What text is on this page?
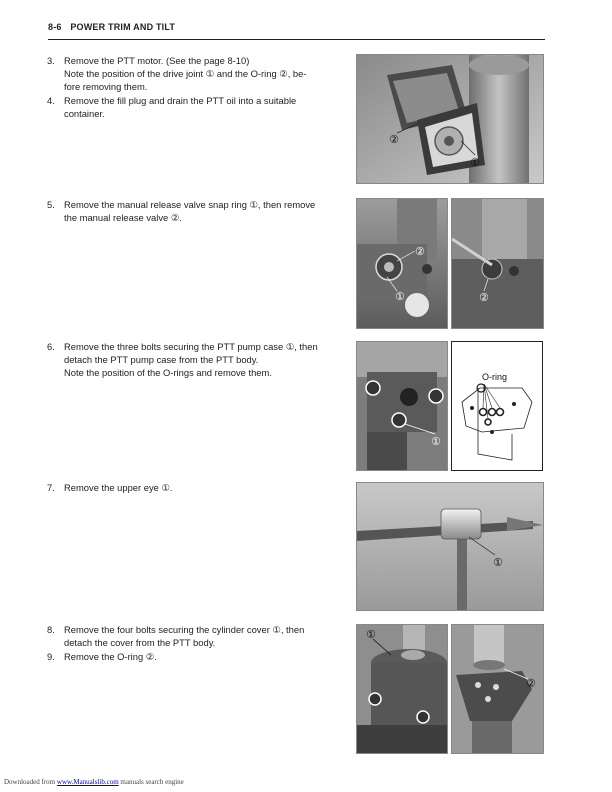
8-6 POWER TRIM AND TILT
3. Remove the PTT motor. (See the page 8-10)
Note the position of the drive joint ① and the O-ring ②, be-
fore removing them.
4. Remove the fill plug and drain the PTT oil into a suitable
container.
5. Remove the manual release valve snap ring ①, then remove
the manual release valve ②.
6. Remove the three bolts securing the PTT pump case ①, then
detach the PTT pump case from the PTT body.
Note the position of the O-rings and remove them.
7. Remove the upper eye ①.
8. Remove the four bolts securing the cylinder cover ①, then
detach the cover from the PTT body.
9. Remove the O-ring ②.
②
①
②
①	②
①
O-ring
①
①
②
Downloaded from www.Manualslib.com manuals search engine
